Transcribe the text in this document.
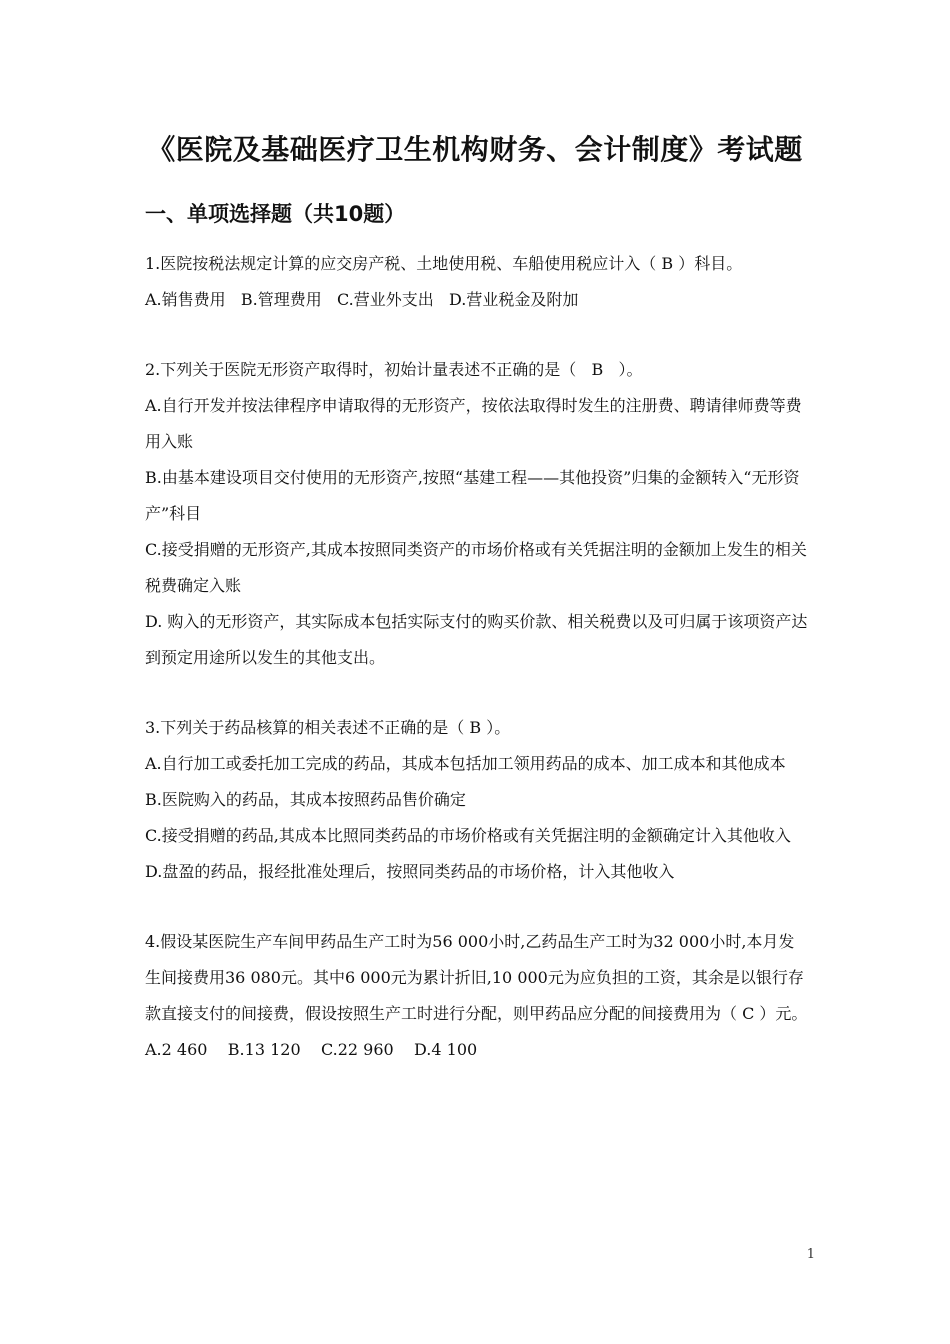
《医院及基础医疗卫生机构财务、会计制度》考试题
一、单项选择题（共10题）

1.医院按税法规定计算的应交房产税、土地使用税、车船使用税应计入（ B ）科目。

A.销售费用   B.管理费用   C.营业外支出   D.营业税金及附加

2.下列关于医院无形资产取得时，初始计量表述不正确的是（   B   ）。

A.自行开发并按法律程序申请取得的无形资产，按依法取得时发生的注册费、聘请律师费等费用入账

B.由基本建设项目交付使用的无形资产,按照“基建工程——其他投资”归集的金额转入“无形资产”科目

C.接受捐赠的无形资产,其成本按照同类资产的市场价格或有关凭据注明的金额加上发生的相关税费确定入账

D. 购入的无形资产，其实际成本包括实际支付的购买价款、相关税费以及可归属于该项资产达到预定用途所以发生的其他支出。

3.下列关于药品核算的相关表述不正确的是（ B ）。

A.自行加工或委托加工完成的药品，其成本包括加工领用药品的成本、加工成本和其他成本

B.医院购入的药品，其成本按照药品售价确定

C.接受捐赠的药品,其成本比照同类药品的市场价格或有关凭据注明的金额确定计入其他收入

D.盘盈的药品，报经批准处理后，按照同类药品的市场价格，计入其他收入

4.假设某医院生产车间甲药品生产工时为56 000小时,乙药品生产工时为32 000小时,本月发生间接费用36 080元。其中6 000元为累计折旧,10 000元为应负担的工资，其余是以银行存款直接支付的间接费，假设按照生产工时进行分配，则甲药品应分配的间接费用为（ C ）元。

A.2 460    B.13 120    C.22 960    D.4 100

1
